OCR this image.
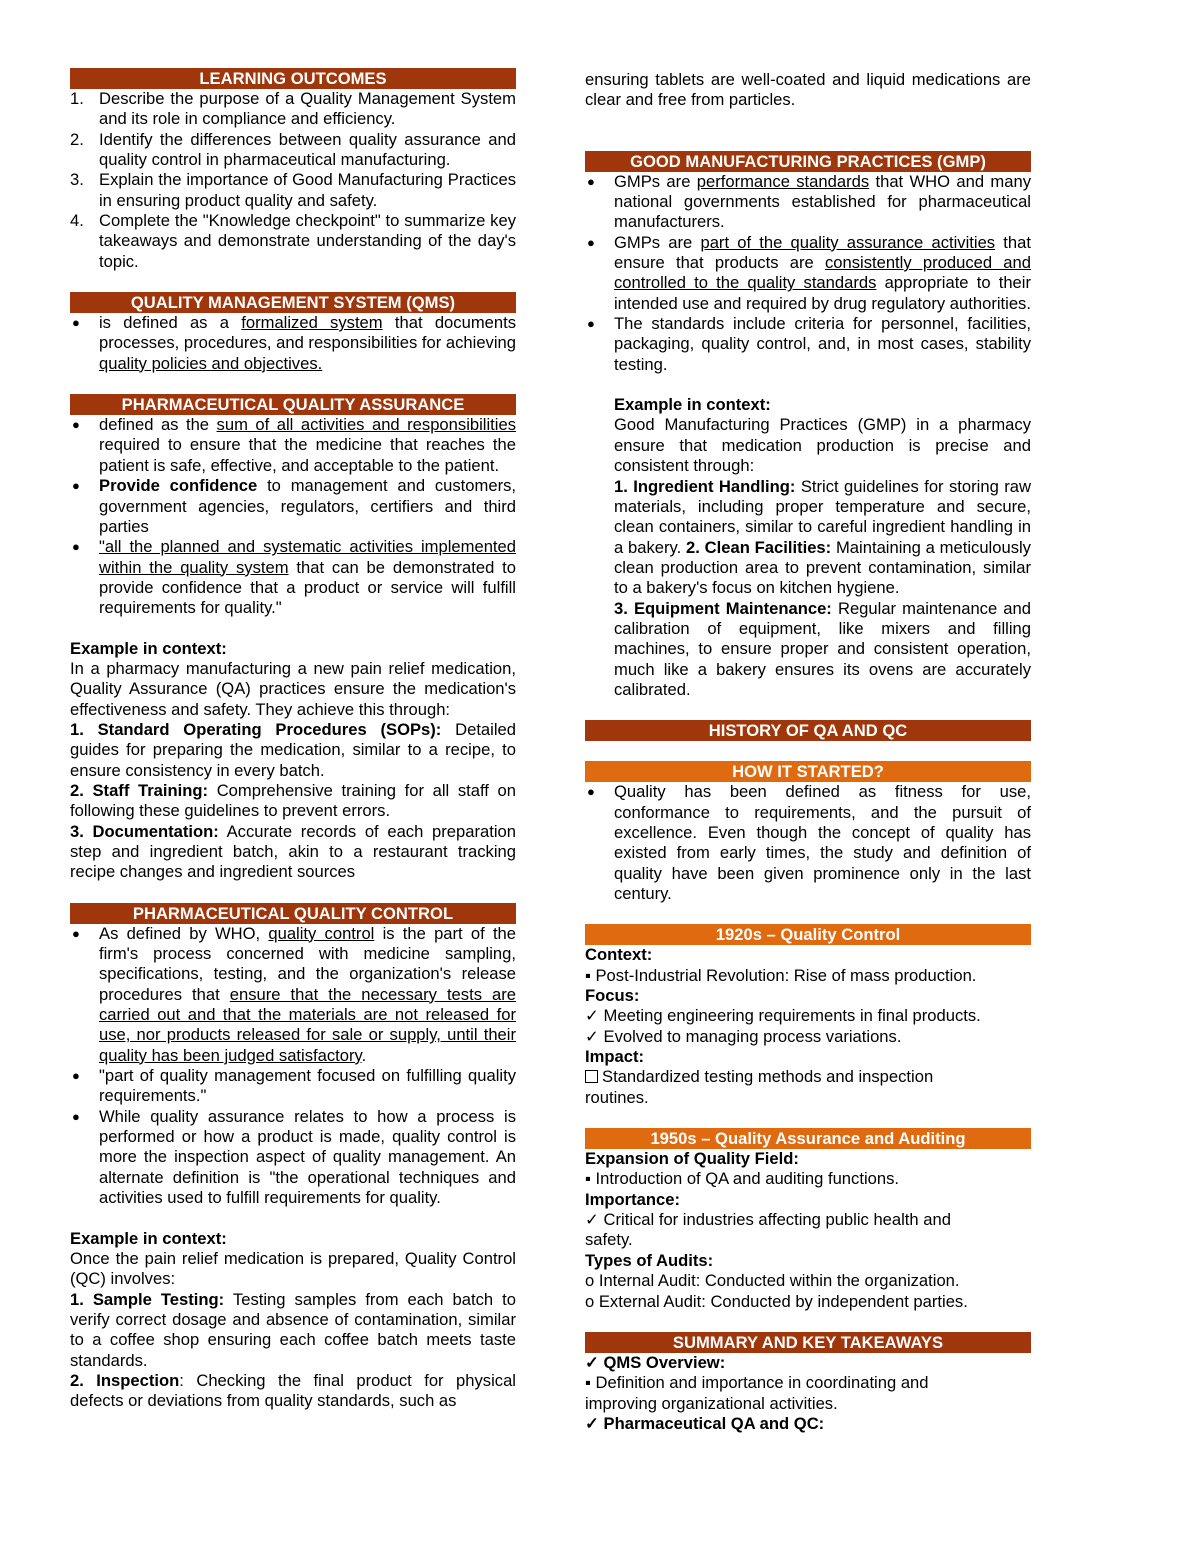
LEARNING OUTCOMES
1. Describe the purpose of a Quality Management System and its role in compliance and efficiency.
2. Identify the differences between quality assurance and quality control in pharmaceutical manufacturing.
3. Explain the importance of Good Manufacturing Practices in ensuring product quality and safety.
4. Complete the "Knowledge checkpoint" to summarize key takeaways and demonstrate understanding of the day's topic.
QUALITY MANAGEMENT SYSTEM (QMS)
● is defined as a formalized system that documents processes, procedures, and responsibilities for achieving quality policies and objectives.
PHARMACEUTICAL QUALITY ASSURANCE
● defined as the sum of all activities and responsibilities required to ensure that the medicine that reaches the patient is safe, effective, and acceptable to the patient.
● Provide confidence to management and customers, government agencies, regulators, certifiers and third parties
● "all the planned and systematic activities implemented within the quality system that can be demonstrated to provide confidence that a product or service will fulfill requirements for quality."

Example in context:

In a pharmacy manufacturing a new pain relief medication, Quality Assurance (QA) practices ensure the medication's effectiveness and safety. They achieve this through:

1. Standard Operating Procedures (SOPs): Detailed guides for preparing the medication, similar to a recipe, to ensure consistency in every batch.

2. Staff Training: Comprehensive training for all staff on following these guidelines to prevent errors.

3. Documentation: Accurate records of each preparation step and ingredient batch, akin to a restaurant tracking recipe changes and ingredient sources

PHARMACEUTICAL QUALITY CONTROL
● As defined by WHO, quality control is the part of the firm's process concerned with medicine sampling, specifications, testing, and the organization's release procedures that ensure that the necessary tests are carried out and that the materials are not released for use, nor products released for sale or supply, until their quality has been judged satisfactory.
● "part of quality management focused on fulfilling quality requirements."
● While quality assurance relates to how a process is performed or how a product is made, quality control is more the inspection aspect of quality management. An alternate definition is "the operational techniques and activities used to fulfill requirements for quality.

Example in context:

Once the pain relief medication is prepared, Quality Control (QC) involves:

1. Sample Testing: Testing samples from each batch to verify correct dosage and absence of contamination, similar to a coffee shop ensuring each coffee batch meets taste standards.

2. Inspection: Checking the final product for physical defects or deviations from quality standards, such as

ensuring tablets are well-coated and liquid medications are clear and free from particles.

GOOD MANUFACTURING PRACTICES (GMP)
● GMPs are performance standards that WHO and many national governments established for pharmaceutical manufacturers.
● GMPs are part of the quality assurance activities that ensure that products are consistently produced and controlled to the quality standards appropriate to their intended use and required by drug regulatory authorities.
● The standards include criteria for personnel, facilities, packaging, quality control, and, in most cases, stability testing.

Example in context:

Good Manufacturing Practices (GMP) in a pharmacy ensure that medication production is precise and consistent through:

1. Ingredient Handling: Strict guidelines for storing raw materials, including proper temperature and secure, clean containers, similar to careful ingredient handling in a bakery. 2. Clean Facilities: Maintaining a meticulously clean production area to prevent contamination, similar to a bakery's focus on kitchen hygiene.

3. Equipment Maintenance: Regular maintenance and calibration of equipment, like mixers and filling machines, to ensure proper and consistent operation, much like a bakery ensures its ovens are accurately calibrated.

HISTORY OF QA AND QC
HOW IT STARTED?
● Quality has been defined as fitness for use, conformance to requirements, and the pursuit of excellence. Even though the concept of quality has existed from early times, the study and definition of quality have been given prominence only in the last century.
1920s – Quality Control

Context:

▪ Post-Industrial Revolution: Rise of mass production.

Focus:

✓ Meeting engineering requirements in final products.

✓ Evolved to managing process variations.

Impact:

Standardized testing methods and inspection routines.

1950s – Quality Assurance and Auditing

Expansion of Quality Field:

▪ Introduction of QA and auditing functions.

Importance:

✓ Critical for industries affecting public health and safety.

Types of Audits:

o Internal Audit: Conducted within the organization.

o External Audit: Conducted by independent parties.

SUMMARY AND KEY TAKEAWAYS

✓ QMS Overview:

▪ Definition and importance in coordinating and improving organizational activities.

✓ Pharmaceutical QA and QC:
